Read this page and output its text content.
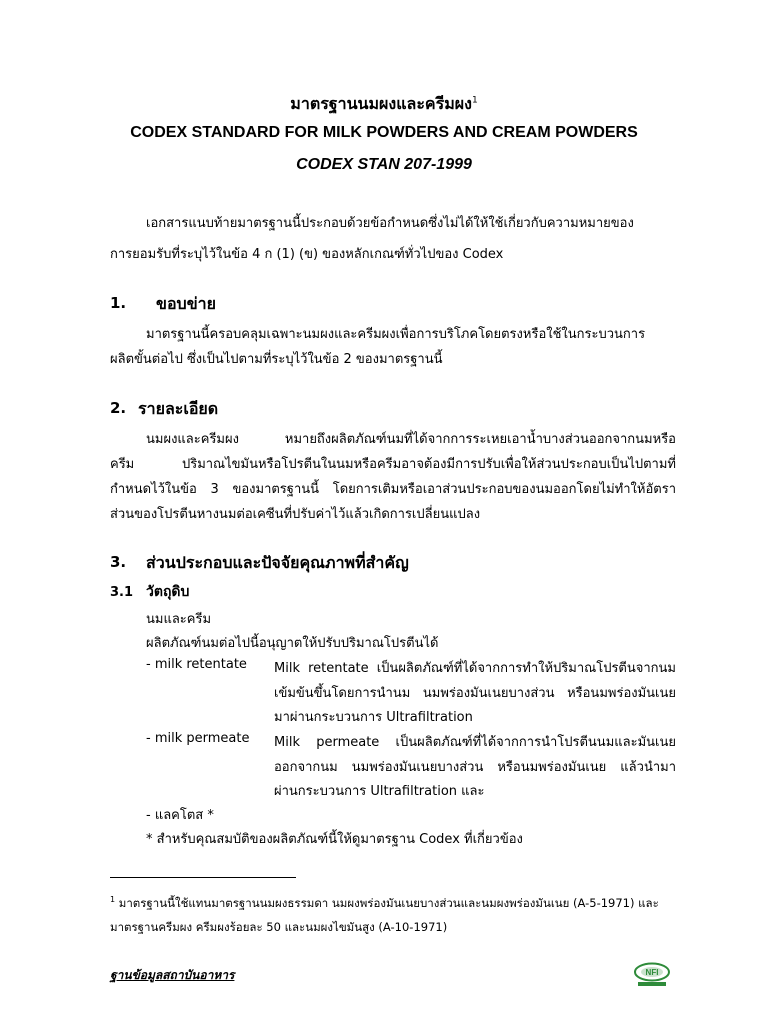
มาตรฐานนมผงและครีมผง$^1$
CODEX STANDARD FOR MILK POWDERS AND CREAM POWDERS
CODEX STAN 207-1999
เอกสารแนบท้ายมาตรฐานนี้ประกอบด้วยข้อกำหนดซึ่งไม่ได้ให้ใช้เกี่ยวกับความหมายของ
การยอมรับที่ระบุไว้ในข้อ 4 ก (1) (ข) ของหลักเกณฑ์ทั่วไปของ Codex
1. ขอบข่าย
มาตรฐานนี้ครอบคลุมเฉพาะนมผงและครีมผงเพื่อการบริโภคโดยตรงหรือใช้ในกระบวนการ
ผลิตขั้นต่อไป ซึ่งเป็นไปตามที่ระบุไว้ในข้อ 2 ของมาตรฐานนี้
2. รายละเอียด
นมผงและครีมผง หมายถึงผลิตภัณฑ์นมที่ได้จากการระเหยเอาน้ำบางส่วนออกจากนมหรือ
ครีม ปริมาณไขมันหรือโปรตีนในนมหรือครีมอาจต้องมีการปรับเพื่อให้ส่วนประกอบเป็นไปตามที่
กำหนดไว้ในข้อ 3 ของมาตรฐานนี้ โดยการเติมหรือเอาส่วนประกอบของนมออกโดยไม่ทำให้อัตรา
ส่วนของโปรตีนหางนมต่อเคซีนที่ปรับค่าไว้แล้วเกิดการเปลี่ยนแปลง
3. ส่วนประกอบและปัจจัยคุณภาพที่สำคัญ
3.1 วัตถุดิบ
นมและครีม
ผลิตภัณฑ์นมต่อไปนี้อนุญาตให้ปรับปริมาณโปรตีนได้
- milk retentate Milk retentate เป็นผลิตภัณฑ์ที่ได้จากการทำให้ปริมาณโปรตีนจากนม
เข้มข้นขึ้นโดยการนำนม นมพร่องมันเนยบางส่วน หรือนมพร่องมันเนย
มาผ่านกระบวนการ Ultrafiltration
- milk permeate Milk permeate เป็นผลิตภัณฑ์ที่ได้จากการนำโปรตีนนมและมันเนย
ออกจากนม นมพร่องมันเนยบางส่วน หรือนมพร่องมันเนย แล้วนำมา
ผ่านกระบวนการ Ultrafiltration และ
- แลคโตส *
* สำหรับคุณสมบัติของผลิตภัณฑ์นี้ให้ดูมาตรฐาน Codex ที่เกี่ยวข้อง
$^1$ มาตรฐานนี้ใช้แทนมาตรฐานนมผงธรรมดา นมผงพร่องมันเนยบางส่วนและนมผงพร่องมันเนย (A-5-1971) และ
มาตรฐานครีมผง ครีมผงร้อยละ 50 และนมผงไขมันสูง (A-10-1971)
ฐานข้อมูลสถาบันอาหาร	NFI
